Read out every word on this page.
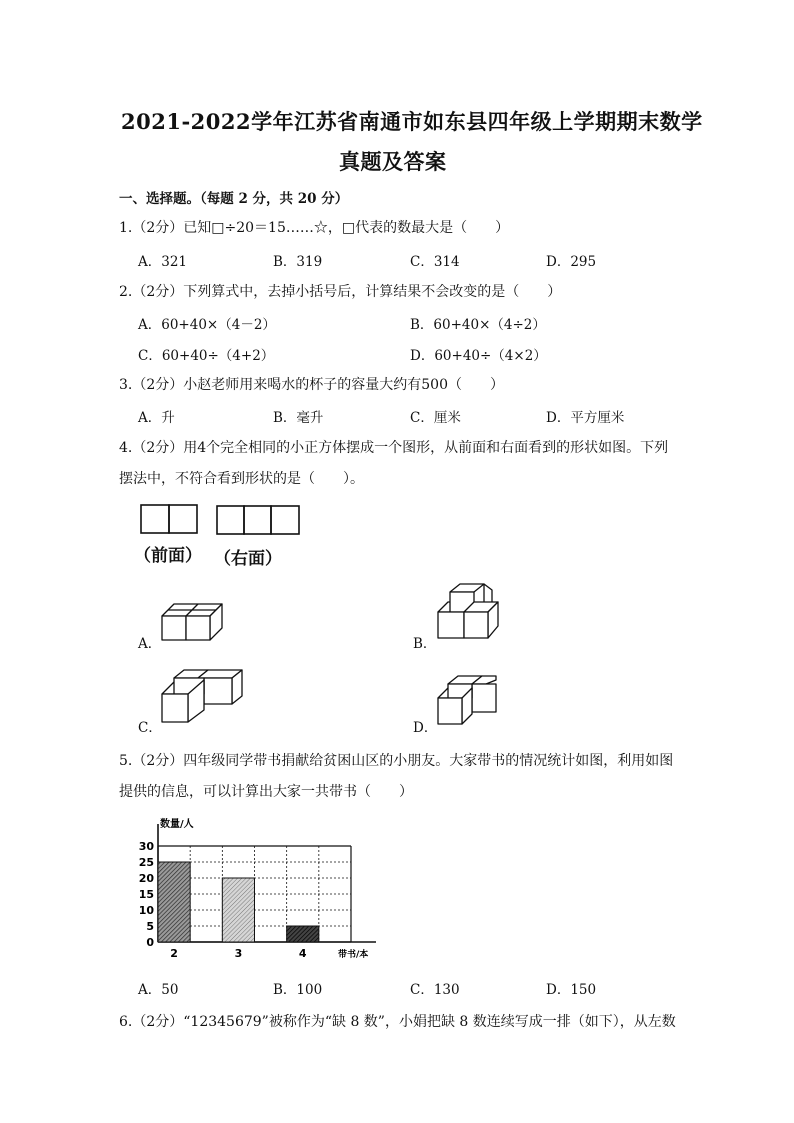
2021-2022学年江苏省南通市如东县四年级上学期期末数学
真题及答案
一、选择题。（每题 2 分，共 20 分）
1.（2分）已知□÷20＝15……☆，□代表的数最大是（　　）
A．321	B．319	C．314	D．295
2.（2分）下列算式中，去掉小括号后，计算结果不会改变的是（　　）
A．60+40×（4－2）	B．60+40×（4÷2）
C．60+40÷（4+2）	D．60+40÷（4×2）
3.（2分）小赵老师用来喝水的杯子的容量大约有500（　　）
A．升	B．毫升	C．厘米	D．平方厘米
4.（2分）用4个完全相同的小正方体摆成一个图形，从前面和右面看到的形状如图。下列
摆法中，不符合看到形状的是（　　）。
（前面） （右面）
A．	B．
C．	D．
5.（2分）四年级同学带书捐献给贫困山区的小朋友。大家带书的情况统计如图，利用如图
提供的信息，可以计算出大家一共带书（　　）
数量/人
带书/本
0
5
10
15
20
25
30
2	3	4
A．50	B．100	C．130	D．150
6.（2分）“12345679”被称作为“缺 8 数”，小娟把缺 8 数连续写成一排（如下），从左数
